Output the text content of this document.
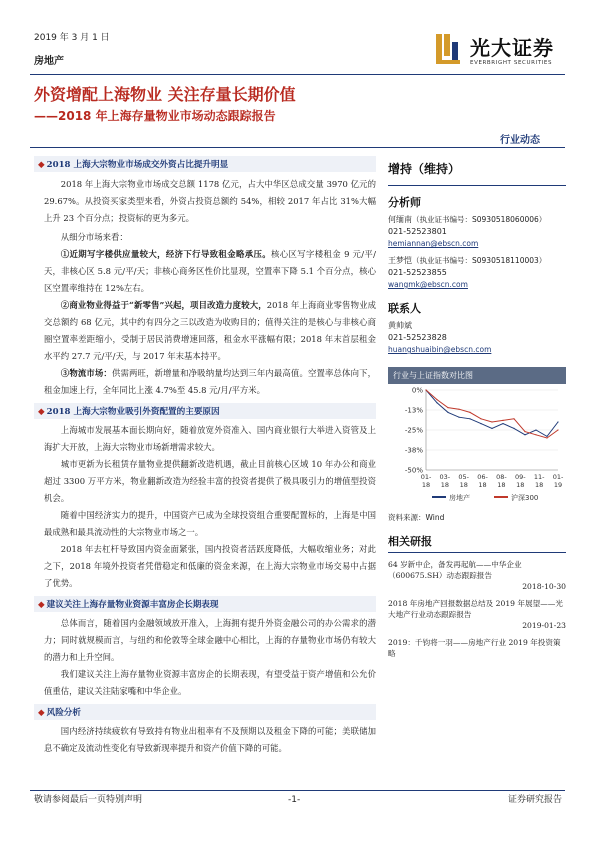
2019 年 3 月 1 日
房地产
光大证券
EVERBRIGHT SECURITIES
外资增配上海物业 关注存量长期价值
——2018 年上海存量物业市场动态跟踪报告
行业动态
◆ 2018 上海大宗物业市场成交外资占比提升明显

2018 年上海大宗物业市场成交总额 1178 亿元，占大中华区总成交量 3970 亿元的 29.67%。从投资买家类型来看，外资占投资总额约 54%，相较 2017 年占比 31%大幅上升 23 个百分点；投资标的更为多元。

从细分市场来看：

①近期写字楼供应量较大，经济下行导致租金略承压。核心区写字楼租金 9 元/平/天，非核心区 5.8 元/平/天；非核心商务区性价比显现，空置率下降 5.1 个百分点，核心区空置率维持在 12%左右。

②商业物业得益于“新零售”兴起，项目改造力度较大，2018 年上海商业零售物业成交总额约 68 亿元，其中约有四分之三以改造为收购目的；值得关注的是核心与非核心商圈空置率差距缩小，受制于居民消费增速回落，租金水平涨幅有限；2018 年末首层租金水平约 27.7 元/平/天，与 2017 年末基本持平。

③物流市场：供需两旺，新增量和净吸纳量均达到三年内最高值。空置率总体向下，租金加速上行，全年同比上涨 4.7%至 45.8 元/月/平方米。

◆ 2018 上海大宗物业吸引外资配置的主要原因

上海城市发展基本面长期向好，随着放宽外资准入、国内商业银行大举进入资管及上海扩大开放，上海大宗物业市场新增需求较大。

城市更新为长租赁存量物业提供翻新改造机遇，截止目前核心区域 10 年办公和商业超过 3300 万平方米，物业翻新改造为经验丰富的投资者提供了极具吸引力的增值型投资机会。

随着中国经济实力的提升，中国资产已成为全球投资组合重要配置标的，上海是中国最成熟和最具流动性的大宗物业市场之一。

2018 年去杠杆导致国内资金面紧张，国内投资者活跃度降低，大幅收缩业务；对此之下，2018 年境外投资者凭借稳定和低廉的资金来源，在上海大宗物业市场交易中占据了优势。

◆ 建议关注上海存量物业资源丰富房企长期表现

总体而言，随着国内金融领域放开准入，上海拥有提升外资金融公司的办公需求的潜力；同时就规模而言，与纽约和伦敦等全球金融中心相比，上海的存量物业市场仍有较大的潜力和上升空间。

我们建议关注上海存量物业资源丰富房企的长期表现，有望受益于资产增值和公允价值重估，建议关注陆家嘴和中华企业。

◆ 风险分析

国内经济持续疲软有导致持有物业出租率有不及预期以及租金下降的可能；美联储加息不确定及流动性变化有导致新现率提升和资产价值下降的可能。

增持（维持）
分析师
何缅南（执业证书编号：S0930518060006）
021-52523801
hemiannan@ebscn.com
王梦恺（执业证书编号：S0930518110003）
021-52523855
wangmk@ebscn.com
联系人
黄帅斌
021-52523828
huangshuaibin@ebscn.com
行业与上证指数对比图
0%
-13%
-25%
-38%
-50%
01-
18
03-
18
05-
18
06-
18
08-
18
09-
18
11-
18
01-
19
房地产	沪深300
资料来源：Wind
相关研报
64 岁新中企，备发再起航——中华企业（600675.SH）动态跟踪报告
2018-10-30
2018 年房地产回报数据总结及 2019 年展望——光大地产行业动态跟踪报告
2019-01-23
2019：千钧将一羽——房地产行业 2019 年投资策略
敬请参阅最后一页特别声明	-1-	证券研究报告
